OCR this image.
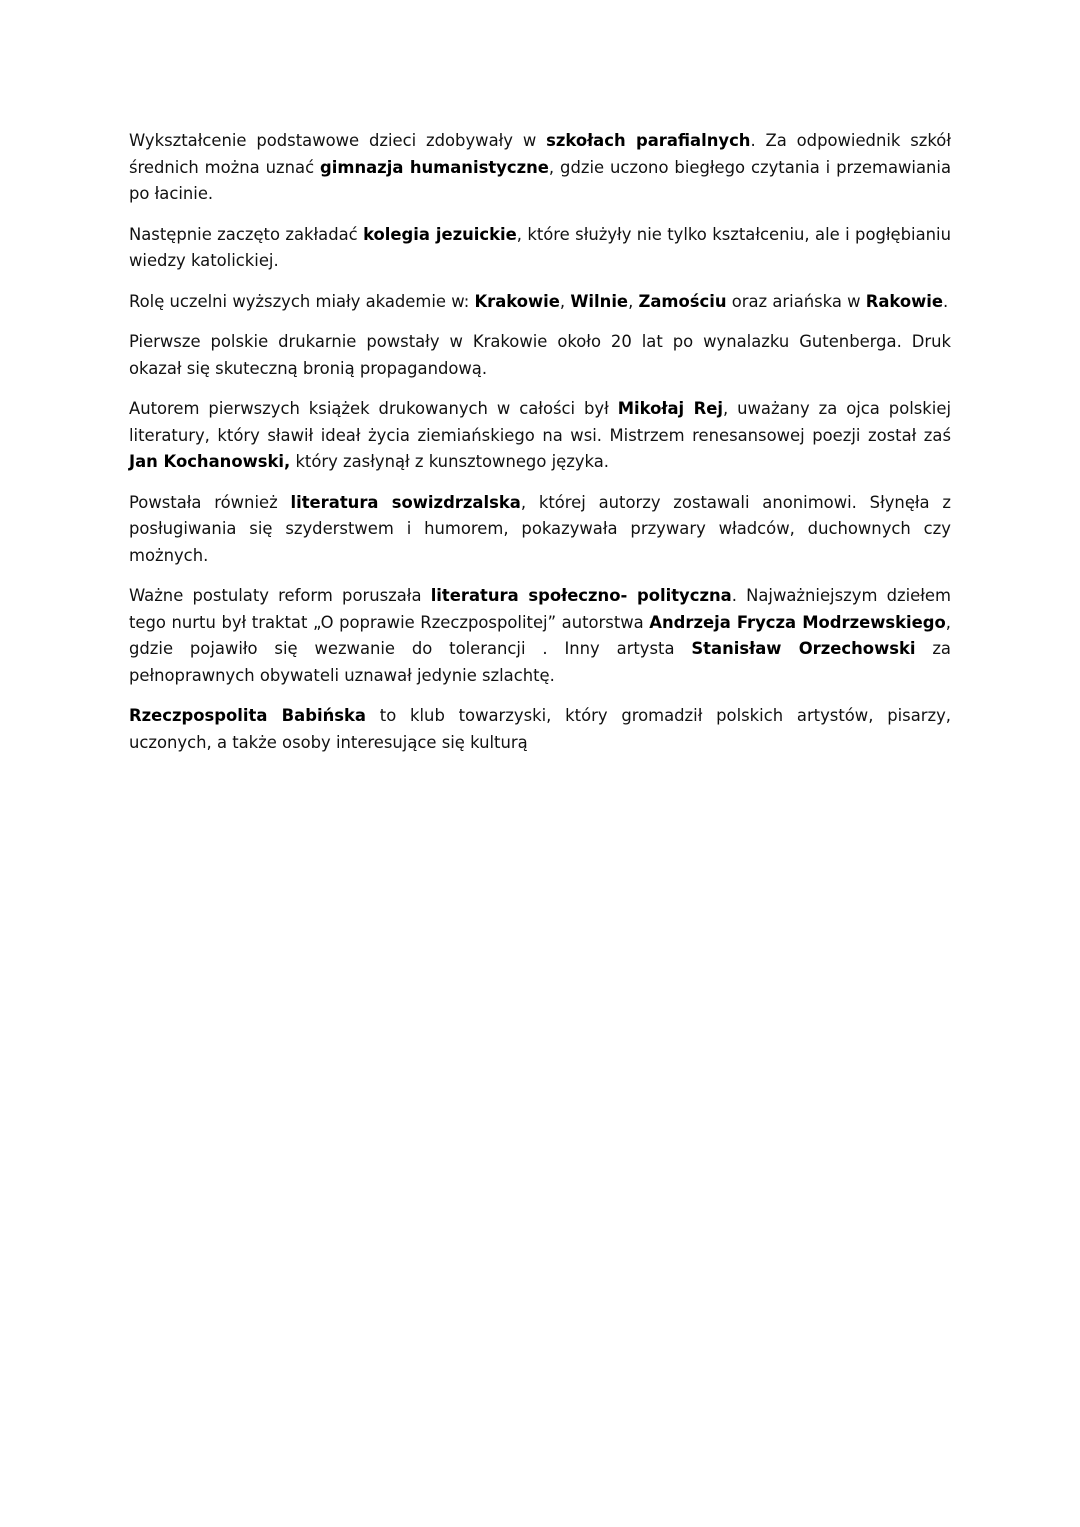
Wykształcenie podstawowe dzieci zdobywały w szkołach parafialnych. Za odpowiednik szkół średnich można uznać gimnazja humanistyczne, gdzie uczono biegłego czytania i przemawiania po łacinie.

Następnie zaczęto zakładać kolegia jezuickie, które służyły nie tylko kształceniu, ale i pogłębianiu wiedzy katolickiej.

Rolę uczelni wyższych miały akademie w: Krakowie, Wilnie, Zamościu oraz ariańska w Rakowie.

Pierwsze polskie drukarnie powstały w Krakowie około 20 lat po wynalazku Gutenberga. Druk okazał się skuteczną bronią propagandową.

Autorem pierwszych książek drukowanych w całości był Mikołaj Rej, uważany za ojca polskiej literatury, który sławił ideał życia ziemiańskiego na wsi. Mistrzem renesansowej poezji został zaś Jan Kochanowski, który zasłynął z kunsztownego języka.

Powstała również literatura sowizdrzalska, której autorzy zostawali anonimowi. Słynęła z posługiwania się szyderstwem i humorem, pokazywała przywary władców, duchownych czy możnych.

Ważne postulaty reform poruszała literatura społeczno- polityczna. Najważniejszym dziełem tego nurtu był traktat „O poprawie Rzeczpospolitej” autorstwa Andrzeja Frycza Modrzewskiego, gdzie pojawiło się wezwanie do tolerancji . Inny artysta Stanisław Orzechowski za pełnoprawnych obywateli uznawał jedynie szlachtę.

Rzeczpospolita Babińska to klub towarzyski, który gromadził polskich artystów, pisarzy, uczonych, a także osoby interesujące się kulturą
